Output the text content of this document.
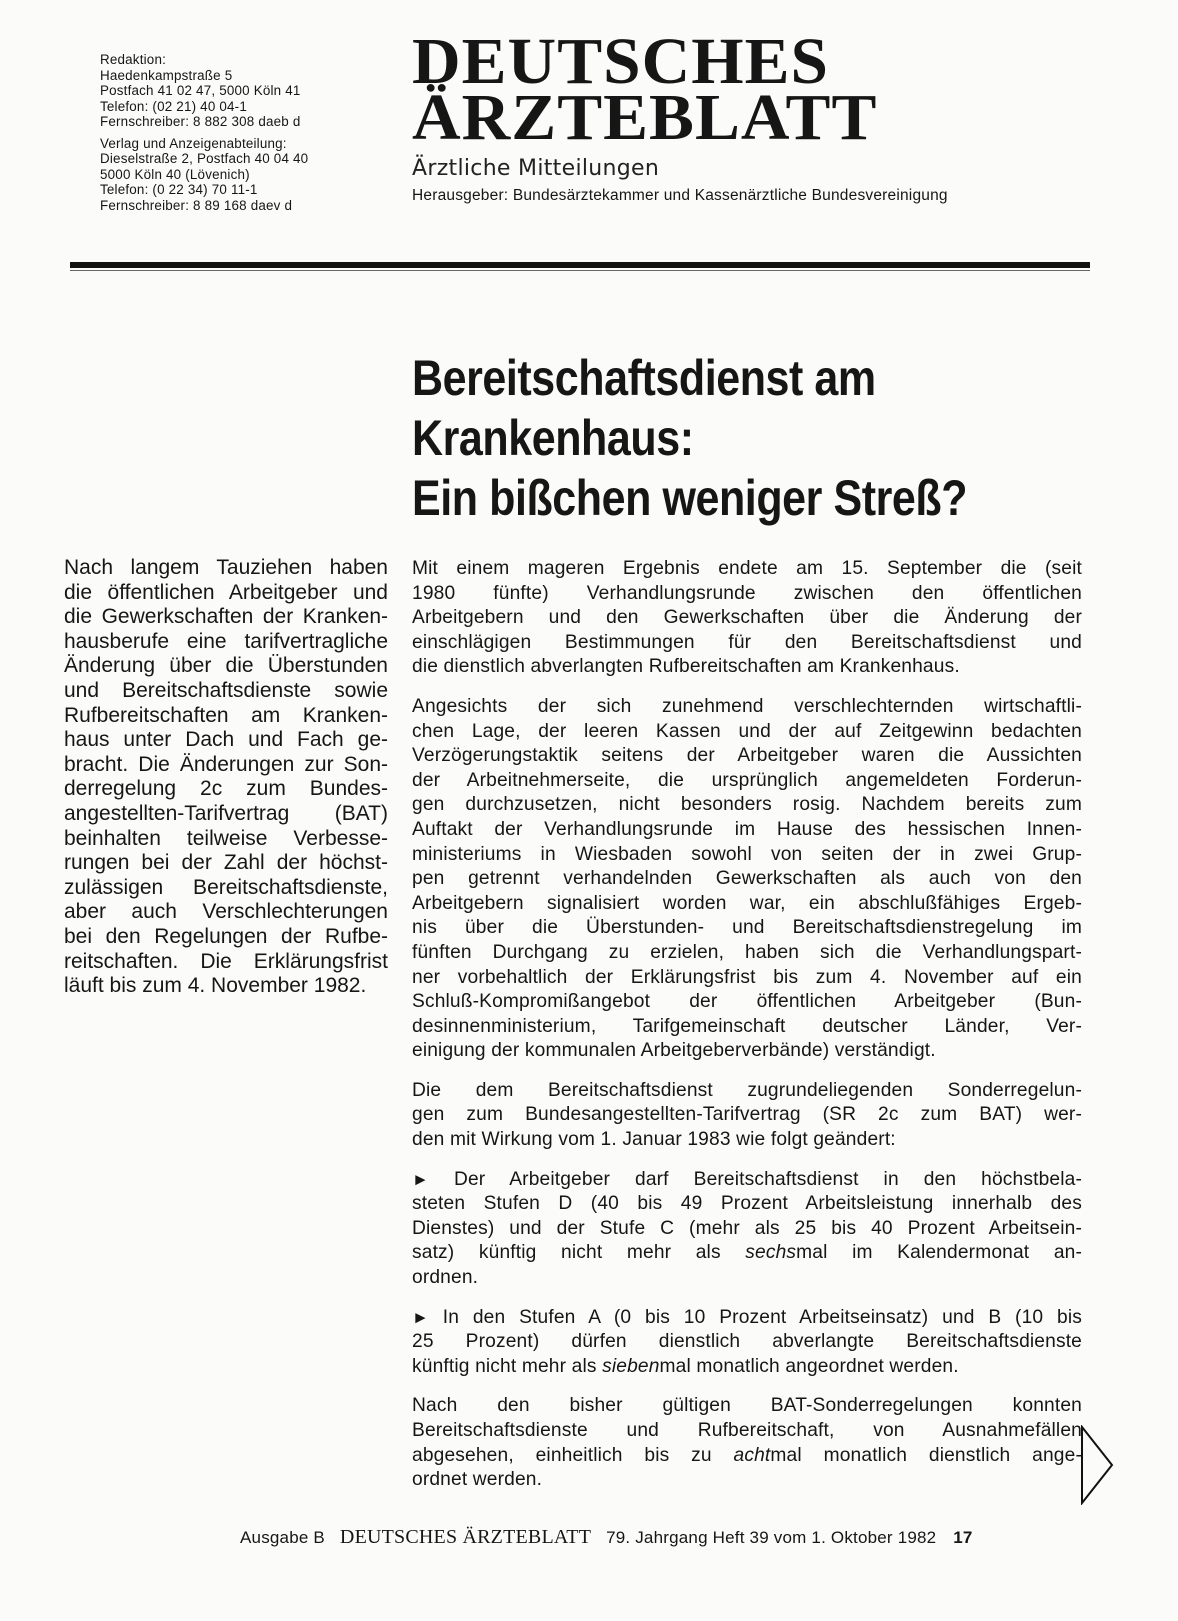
Redaktion:
Haedenkampstraße 5
Postfach 41 02 47, 5000 Köln 41
Telefon: (02 21) 40 04-1
Fernschreiber: 8 882 308 daeb d
Verlag und Anzeigenabteilung:
Dieselstraße 2, Postfach 40 04 40
5000 Köln 40 (Lövenich)
Telefon: (0 22 34) 70 11-1
Fernschreiber: 8 89 168 daev d
DEUTSCHES
ÄRZTEBLATT
Ärztliche Mitteilungen
Herausgeber: Bundesärztekammer und Kassenärztliche Bundesvereinigung
Bereitschaftsdienst am
Krankenhaus:
Ein bißchen weniger Streß?
Nach langem Tauziehen haben
die öffentlichen Arbeitgeber und
die Gewerkschaften der Kranken-
hausberufe eine tarifvertragliche
Änderung über die Überstunden
und Bereitschaftsdienste sowie
Rufbereitschaften am Kranken-
haus unter Dach und Fach ge-
bracht. Die Änderungen zur Son-
derregelung 2c zum Bundes-
angestellten-Tarifvertrag (BAT)
beinhalten teilweise Verbesse-
rungen bei der Zahl der höchst-
zulässigen Bereitschaftsdienste,
aber auch Verschlechterungen
bei den Regelungen der Rufbe-
reitschaften. Die Erklärungsfrist
läuft bis zum 4. November 1982.

Mit einem mageren Ergebnis endete am 15. September die (seit
1980 fünfte) Verhandlungsrunde zwischen den öffentlichen
Arbeitgebern und den Gewerkschaften über die Änderung der
einschlägigen Bestimmungen für den Bereitschaftsdienst und
die dienstlich abverlangten Rufbereitschaften am Krankenhaus.

Angesichts der sich zunehmend verschlechternden wirtschaftli-
chen Lage, der leeren Kassen und der auf Zeitgewinn bedachten
Verzögerungstaktik seitens der Arbeitgeber waren die Aussichten
der Arbeitnehmerseite, die ursprünglich angemeldeten Forderun-
gen durchzusetzen, nicht besonders rosig. Nachdem bereits zum
Auftakt der Verhandlungsrunde im Hause des hessischen Innen-
ministeriums in Wiesbaden sowohl von seiten der in zwei Grup-
pen getrennt verhandelnden Gewerkschaften als auch von den
Arbeitgebern signalisiert worden war, ein abschlußfähiges Ergeb-
nis über die Überstunden- und Bereitschaftsdienstregelung im
fünften Durchgang zu erzielen, haben sich die Verhandlungspart-
ner vorbehaltlich der Erklärungsfrist bis zum 4. November auf ein
Schluß-Kompromißangebot der öffentlichen Arbeitgeber (Bun-
desinnenministerium, Tarifgemeinschaft deutscher Länder, Ver-
einigung der kommunalen Arbeitgeberverbände) verständigt.

Die dem Bereitschaftsdienst zugrundeliegenden Sonderregelun-
gen zum Bundesangestellten-Tarifvertrag (SR 2c zum BAT) wer-
den mit Wirkung vom 1. Januar 1983 wie folgt geändert:

► Der Arbeitgeber darf Bereitschaftsdienst in den höchstbela-
steten Stufen D (40 bis 49 Prozent Arbeitsleistung innerhalb des
Dienstes) und der Stufe C (mehr als 25 bis 40 Prozent Arbeitsein-
satz) künftig nicht mehr als sechsmal im Kalendermonat an-
ordnen.

► In den Stufen A (0 bis 10 Prozent Arbeitseinsatz) und B (10 bis
25 Prozent) dürfen dienstlich abverlangte Bereitschaftsdienste
künftig nicht mehr als siebenmal monatlich angeordnet werden.

Nach den bisher gültigen BAT-Sonderregelungen konnten
Bereitschaftsdienste und Rufbereitschaft, von Ausnahmefällen
abgesehen, einheitlich bis zu achtmal monatlich dienstlich ange-
ordnet werden.

Ausgabe B DEUTSCHES ÄRZTEBLATT 79. Jahrgang Heft 39 vom 1. Oktober 1982 17
